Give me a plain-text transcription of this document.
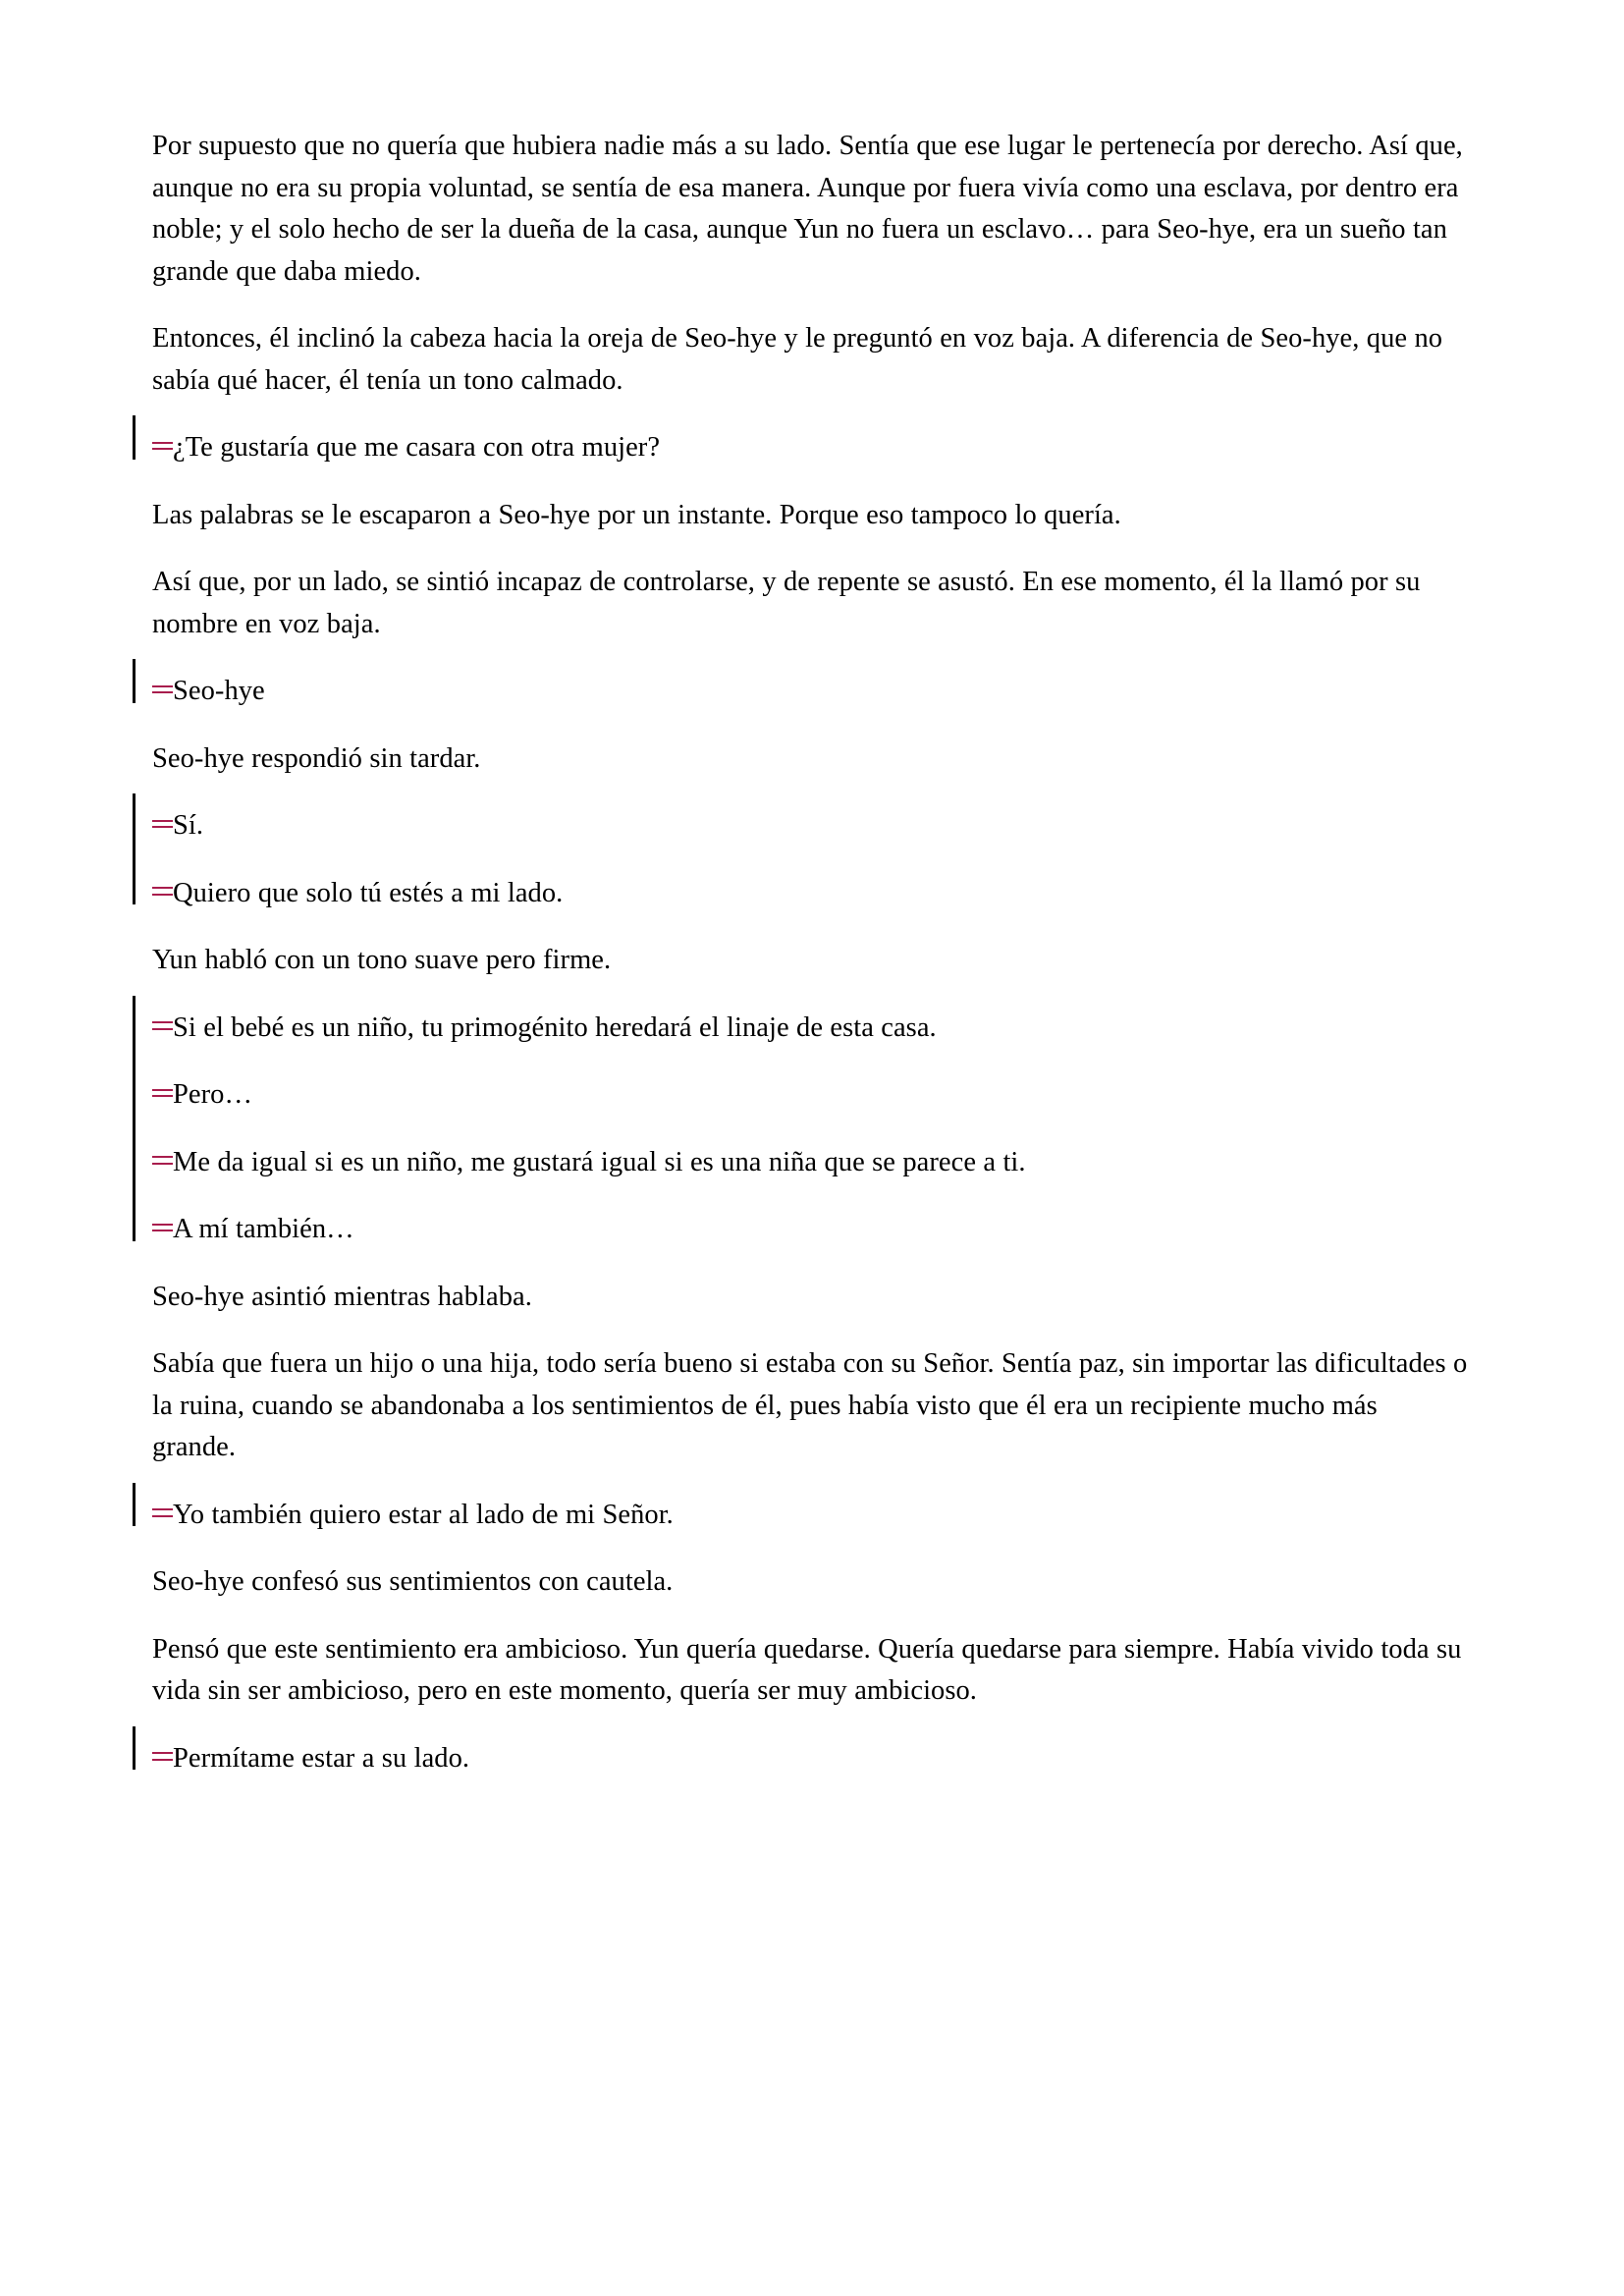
Por supuesto que no quería que hubiera nadie más a su lado. Sentía que ese lugar le pertenecía por derecho. Así que, aunque no era su propia voluntad, se sentía de esa manera. Aunque por fuera vivía como una esclava, por dentro era noble; y el solo hecho de ser la dueña de la casa, aunque Yun no fuera un esclavo… para Seo-hye, era un sueño tan grande que daba miedo.

Entonces, él inclinó la cabeza hacia la oreja de Seo-hye y le preguntó en voz baja. A diferencia de Seo-hye, que no sabía qué hacer, él tenía un tono calmado.

¿Te gustaría que me casara con otra mujer?

Las palabras se le escaparon a Seo-hye por un instante. Porque eso tampoco lo quería.

Así que, por un lado, se sintió incapaz de controlarse, y de repente se asustó. En ese momento, él la llamó por su nombre en voz baja.

Seo-hye

Seo-hye respondió sin tardar.

Sí.

Quiero que solo tú estés a mi lado.

Yun habló con un tono suave pero firme.

Si el bebé es un niño, tu primogénito heredará el linaje de esta casa.

Pero…

Me da igual si es un niño, me gustará igual si es una niña que se parece a ti.

A mí también…

Seo-hye asintió mientras hablaba.

Sabía que fuera un hijo o una hija, todo sería bueno si estaba con su Señor. Sentía paz, sin importar las dificultades o la ruina, cuando se abandonaba a los sentimientos de él, pues había visto que él era un recipiente mucho más grande.

Yo también quiero estar al lado de mi Señor.

Seo-hye confesó sus sentimientos con cautela.

Pensó que este sentimiento era ambicioso. Yun quería quedarse. Quería quedarse para siempre. Había vivido toda su vida sin ser ambicioso, pero en este momento, quería ser muy ambicioso.

Permítame estar a su lado.
